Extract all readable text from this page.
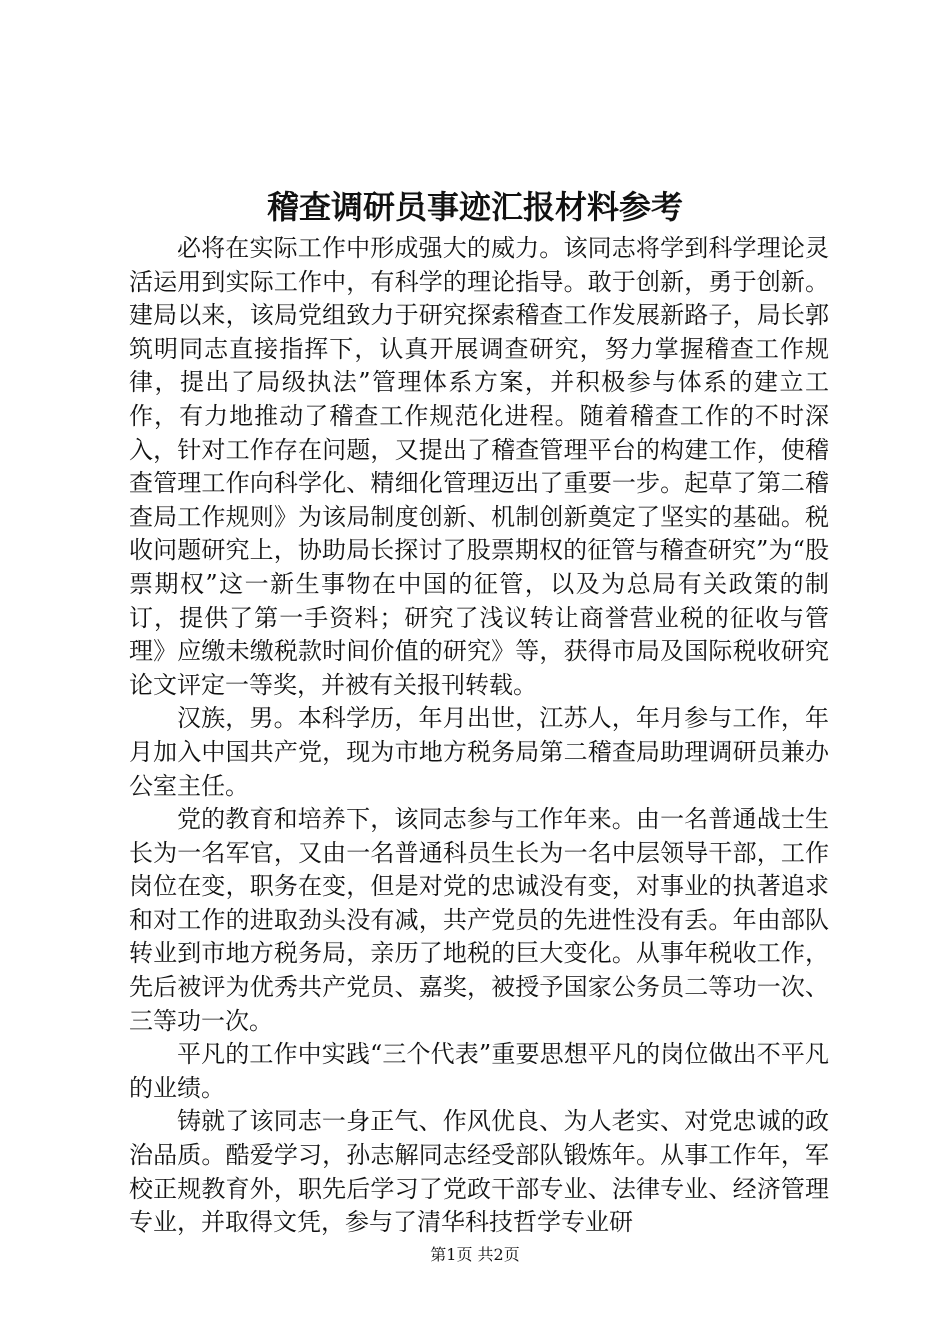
稽查调研员事迹汇报材料参考

必将在实际工作中形成强大的威力。该同志将学到科学理论灵活运用到实际工作中，有科学的理论指导。敢于创新，勇于创新。建局以来，该局党组致力于研究探索稽查工作发展新路子，局长郭筑明同志直接指挥下，认真开展调查研究，努力掌握稽查工作规律，提出了局级执法”管理体系方案，并积极参与体系的建立工作，有力地推动了稽查工作规范化进程。随着稽查工作的不时深入，针对工作存在问题，又提出了稽查管理平台的构建工作，使稽查管理工作向科学化、精细化管理迈出了重要一步。起草了第二稽查局工作规则》为该局制度创新、机制创新奠定了坚实的基础。税收问题研究上，协助局长探讨了股票期权的征管与稽查研究”为“股票期权”这一新生事物在中国的征管，以及为总局有关政策的制订，提供了第一手资料；研究了浅议转让商誉营业税的征收与管理》应缴未缴税款时间价值的研究》等，获得市局及国际税收研究论文评定一等奖，并被有关报刊转载。

汉族，男。本科学历，年月出世，江苏人，年月参与工作，年月加入中国共产党，现为市地方税务局第二稽查局助理调研员兼办公室主任。

党的教育和培养下，该同志参与工作年来。由一名普通战士生长为一名军官，又由一名普通科员生长为一名中层领导干部，工作岗位在变，职务在变，但是对党的忠诚没有变，对事业的执著追求和对工作的进取劲头没有减，共产党员的先进性没有丢。年由部队转业到市地方税务局，亲历了地税的巨大变化。从事年税收工作，先后被评为优秀共产党员、嘉奖，被授予国家公务员二等功一次、三等功一次。

平凡的工作中实践“三个代表”重要思想平凡的岗位做出不平凡的业绩。

铸就了该同志一身正气、作风优良、为人老实、对党忠诚的政治品质。酷爱学习，孙志解同志经受部队锻炼年。从事工作年，军校正规教育外，职先后学习了党政干部专业、法律专业、经济管理专业，并取得文凭，参与了清华科技哲学专业研

第1页 共2页
